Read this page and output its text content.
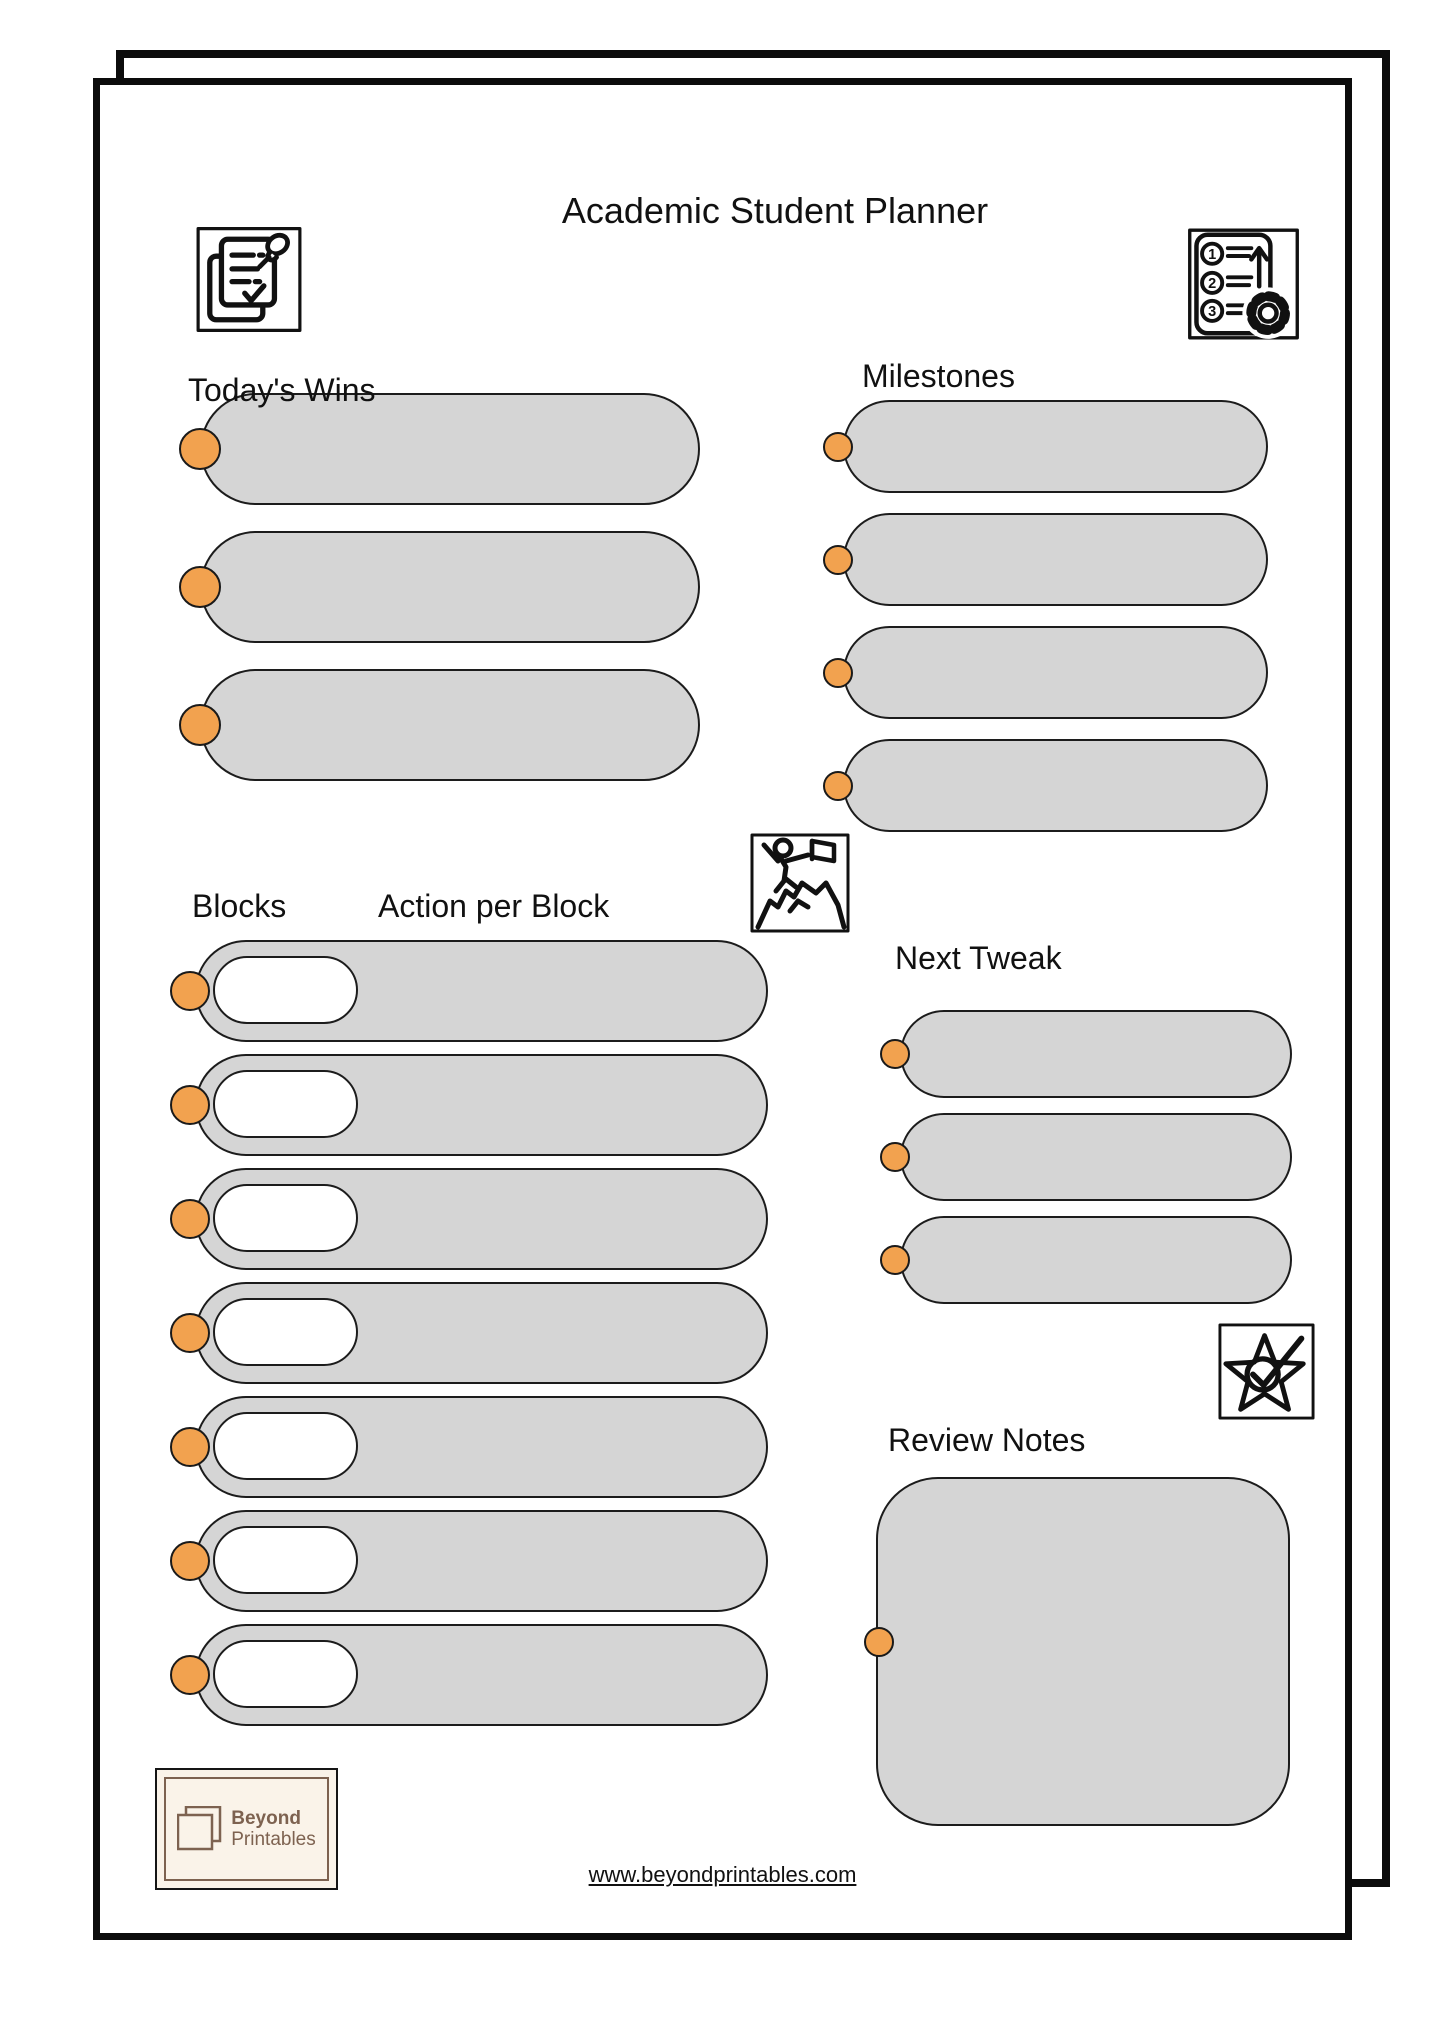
Academic Student Planner
1
2
3
Today's Wins	Milestones
Blocks	Action per Block
Next Tweak
Review Notes
Beyond
Printables
www.beyondprintables.com
